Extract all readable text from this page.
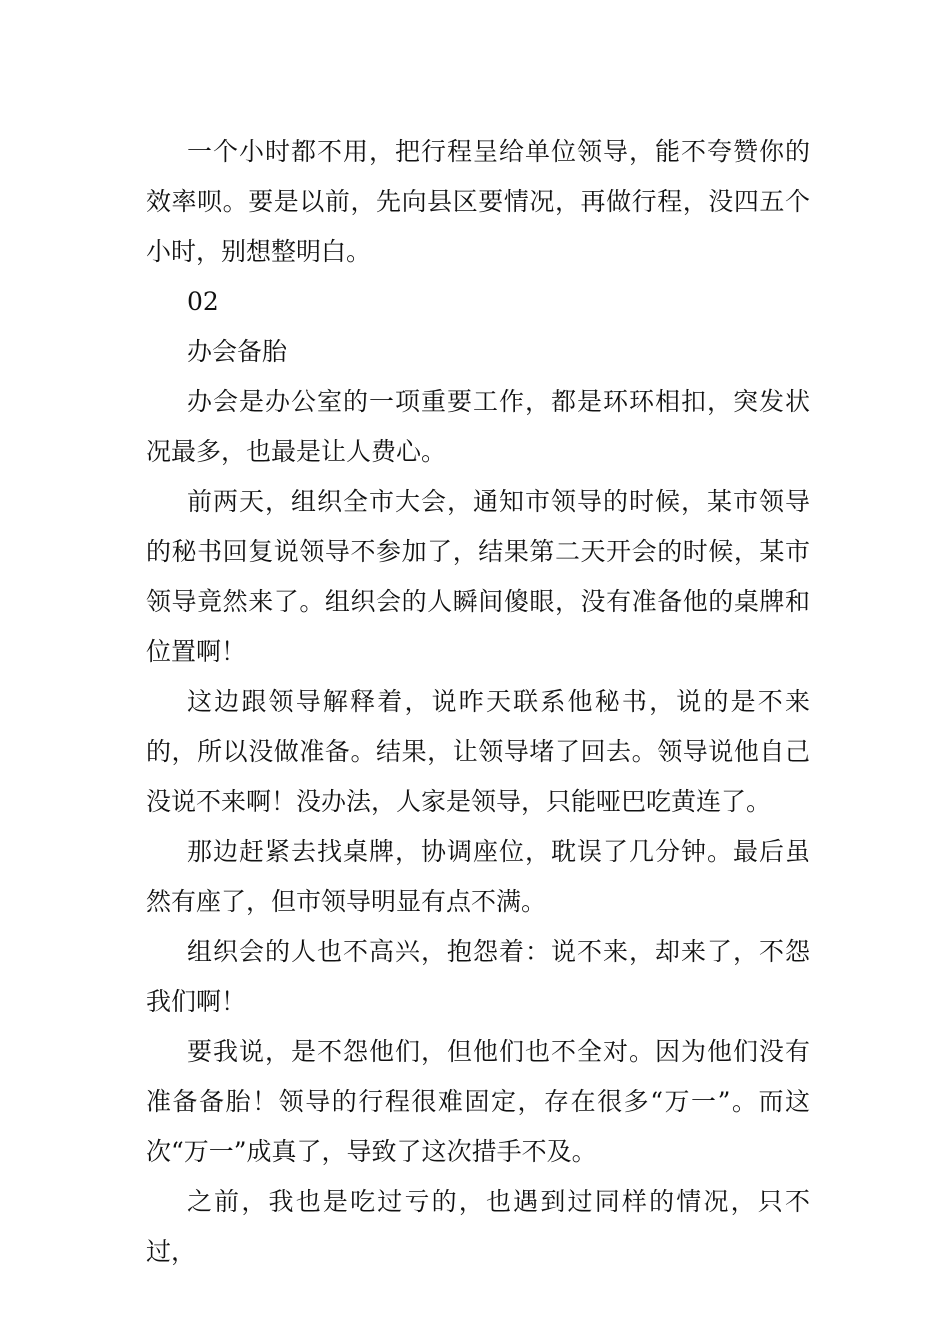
一个小时都不用，把行程呈给单位领导，能不夸赞你的效率呗。要是以前，先向县区要情况，再做行程，没四五个小时，别想整明白。

02

办会备胎

办会是办公室的一项重要工作，都是环环相扣，突发状况最多，也最是让人费心。

前两天，组织全市大会，通知市领导的时候，某市领导的秘书回复说领导不参加了，结果第二天开会的时候，某市领导竟然来了。组织会的人瞬间傻眼，没有准备他的桌牌和位置啊！

这边跟领导解释着，说昨天联系他秘书，说的是不来的，所以没做准备。结果，让领导堵了回去。领导说他自己没说不来啊！没办法，人家是领导，只能哑巴吃黄连了。

那边赶紧去找桌牌，协调座位，耽误了几分钟。最后虽然有座了，但市领导明显有点不满。

组织会的人也不高兴，抱怨着：说不来，却来了，不怨我们啊！

要我说，是不怨他们，但他们也不全对。因为他们没有准备备胎！领导的行程很难固定，存在很多“万一”。而这次“万一”成真了，导致了这次措手不及。

之前，我也是吃过亏的，也遇到过同样的情况，只不过，
